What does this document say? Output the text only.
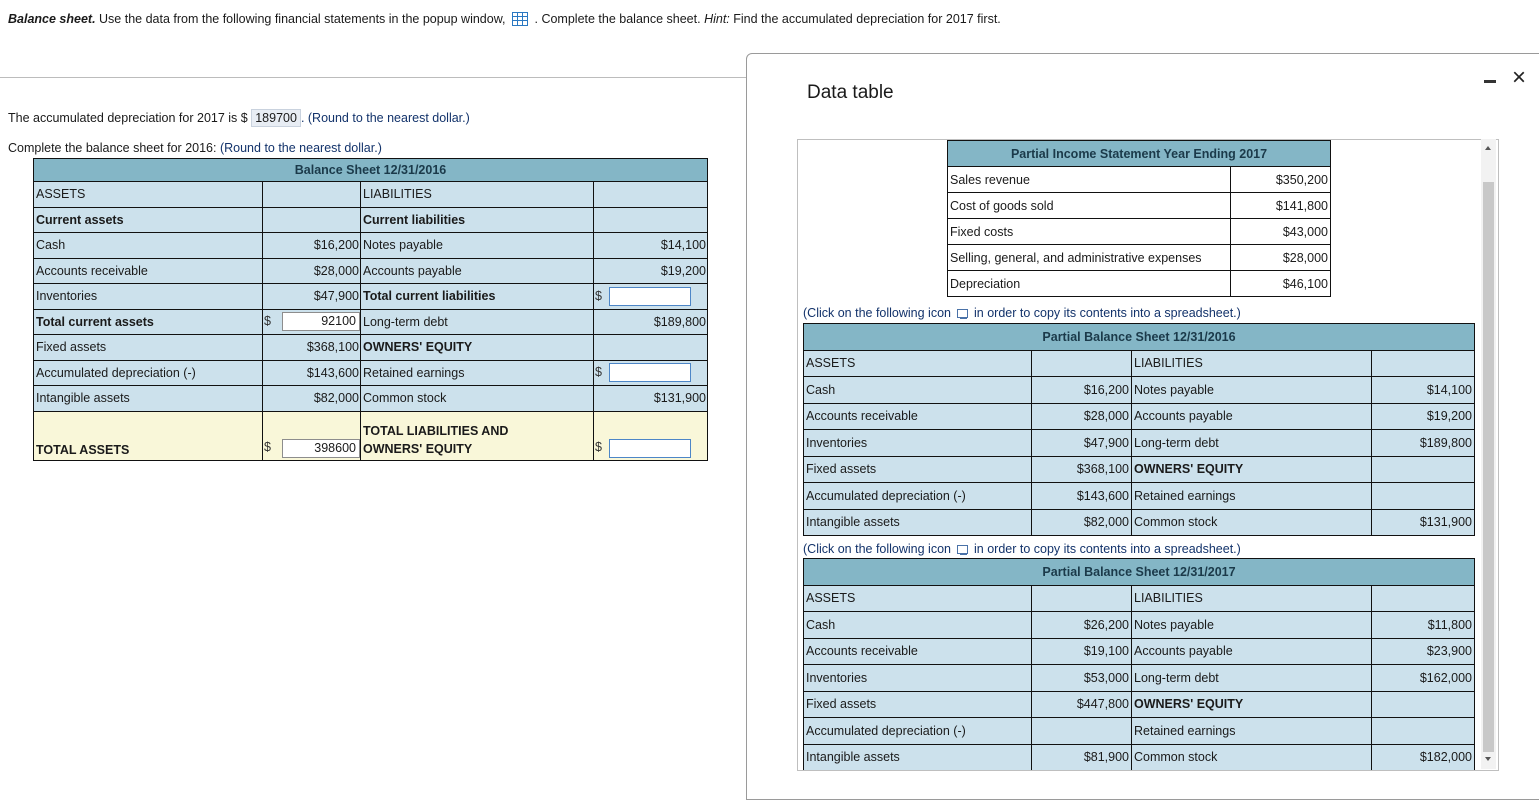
Balance sheet. Use the data from the following financial statements in the popup window, . Complete the balance sheet. Hint: Find the accumulated depreciation for 2017 first.
The accumulated depreciation for 2017 is $ 189700 . (Round to the nearest dollar.)
Complete the balance sheet for 2016: (Round to the nearest dollar.)
Balance Sheet 12/31/2016			
ASSETS		LIABILITIES	
Current assets		Current liabilities	
Cash	$16,200	Notes payable	$14,100
Accounts receivable	$28,000	Accounts payable	$19,200
Inventories	$47,900	Total current liabilities	$
Total current assets	$ 92100	Long-term debt	$189,800
Fixed assets	$368,100	OWNERS' EQUITY	
Accumulated depreciation (-)	$143,600	Retained earnings	$
Intangible assets	$82,000	Common stock	$131,900
TOTAL ASSETS	$ 398600	TOTAL LIABILITIES AND	$
		OWNERS' EQUITY	
Data table
×
Partial Income Statement Year Ending 2017	
Sales revenue	$350,200
Cost of goods sold	$141,800
Fixed costs	$43,000
Selling, general, and administrative expenses	$28,000
Depreciation	$46,100
(Click on the following icon in order to copy its contents into a spreadsheet.)
Partial Balance Sheet 12/31/2016			
ASSETS		LIABILITIES	
Cash	$16,200	Notes payable	$14,100
Accounts receivable	$28,000	Accounts payable	$19,200
Inventories	$47,900	Long-term debt	$189,800
Fixed assets	$368,100	OWNERS' EQUITY	
Accumulated depreciation (-)	$143,600	Retained earnings	
Intangible assets	$82,000	Common stock	$131,900
(Click on the following icon in order to copy its contents into a spreadsheet.)
Partial Balance Sheet 12/31/2017			
ASSETS		LIABILITIES	
Cash	$26,200	Notes payable	$11,800
Accounts receivable	$19,100	Accounts payable	$23,900
Inventories	$53,000	Long-term debt	$162,000
Fixed assets	$447,800	OWNERS' EQUITY	
Accumulated depreciation (-)		Retained earnings	
Intangible assets	$81,900	Common stock	$182,000
